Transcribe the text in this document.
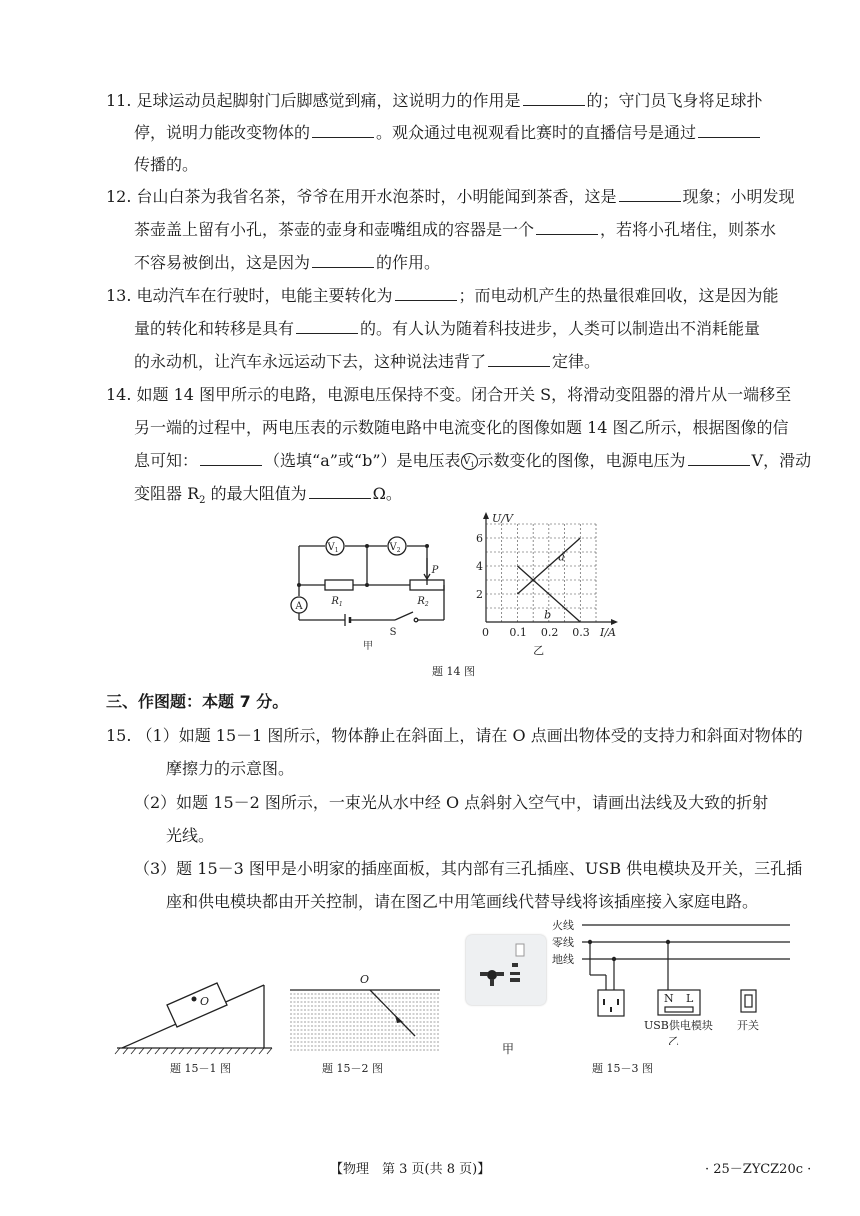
11. 足球运动员起脚射门后脚感觉到痛，这说明力的作用是	的；守门员飞身将足球扑
停，说明力能改变物体的	。观众通过电视观看比赛时的直播信号是通过
传播的。
12. 台山白茶为我省名茶，爷爷在用开水泡茶时，小明能闻到茶香，这是	现象；小明发现
茶壶盖上留有小孔，茶壶的壶身和壶嘴组成的容器是一个	，若将小孔堵住，则茶水
不容易被倒出，这是因为	的作用。
13. 电动汽车在行驶时，电能主要转化为	；而电动机产生的热量很难回收，这是因为能
量的转化和转移是具有	的。有人认为随着科技进步，人类可以制造出不消耗能量
的永动机，让汽车永远运动下去，这种说法违背了	定律。
14. 如题 14 图甲所示的电路，电源电压保持不变。闭合开关 S，将滑动变阻器的滑片从一端移至
另一端的过程中，两电压表的示数随电路中电流变化的图像如题 14 图乙所示，根据图像的信
息可知：	（选填“a”或“b”）是电压表 $V_1$ 示数变化的图像，电源电压为	V，滑动
变阻器 $R_2$ 的最大阻值为	Ω。
$V_1$	$V_2$
A	$R_1$	$R_2$
P
S
甲
U/V
I/A
6
4
2
0 0.1 0.2 0.3
a
b
乙
题 14 图
三、作图题：本题 7 分。
15. （1）如题 15－1 图所示，物体静止在斜面上，请在 O 点画出物体受的支持力和斜面对物体的
摩擦力的示意图。
（2）如题 15－2 图所示，一束光从水中经 O 点斜射入空气中，请画出法线及大致的折射
光线。
（3）题 15－3 图甲是小明家的插座面板，其内部有三孔插座、USB 供电模块及开关，三孔插
座和供电模块都由开关控制，请在图乙中用笔画线代替导线将该插座接入家庭电路。
O
题 15－1 图
O
题 15－2 图
甲
火线
零线
地线
N L
USB供电模块 开关
乙
题 15－3 图
【物理　第 3 页(共 8 页)】	· 25－ZYCZ20c ·
